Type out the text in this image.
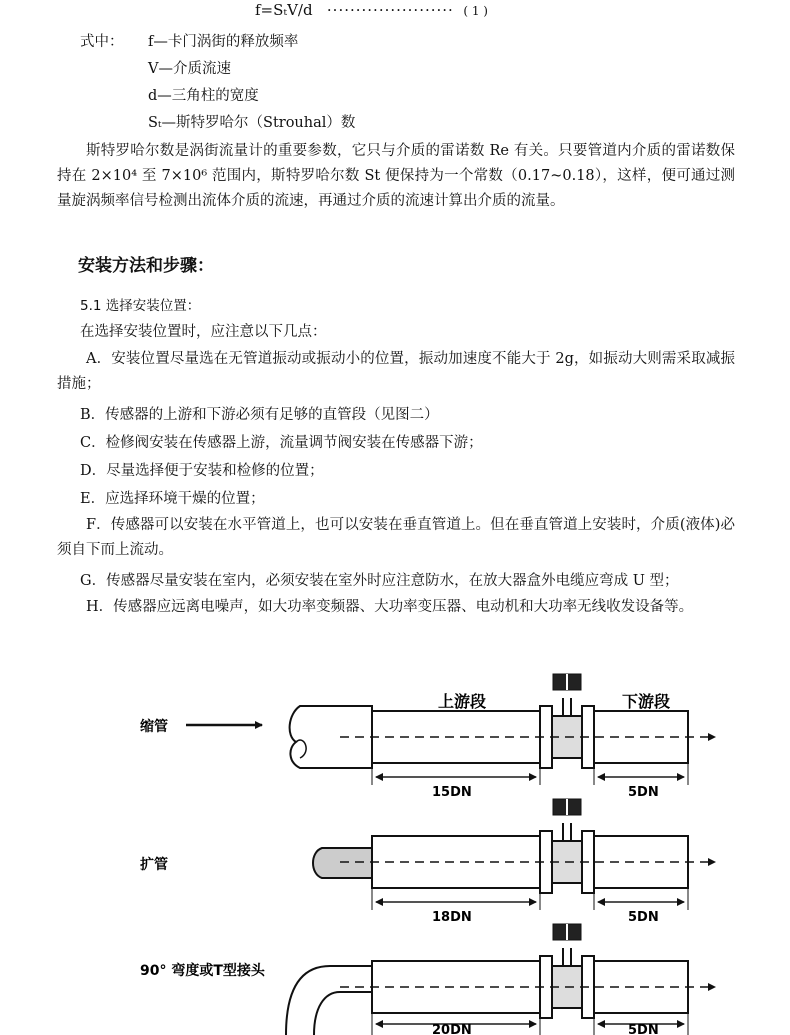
f=SₜV/d ······················ ( 1 )
式中： f—卡门涡街的释放频率
V—介质流速
d—三角柱的宽度
Sₜ—斯特罗哈尔（Strouhal）数
斯特罗哈尔数是涡街流量计的重要参数，它只与介质的雷诺数 Re 有关。只要管道内介质的雷诺数保持在 2×10⁴ 至 7×10⁶ 范围内，斯特罗哈尔数 St 便保持为一个常数（0.17~0.18），这样，便可通过测量旋涡频率信号检测出流体介质的流速，再通过介质的流速计算出介质的流量。
安装方法和步骤：
5.1 选择安装位置：
在选择安装位置时，应注意以下几点：
A．安装位置尽量选在无管道振动或振动小的位置，振动加速度不能大于 2g，如振动大则需采取减振措施；
B．传感器的上游和下游必须有足够的直管段（见图二）
C．检修阀安装在传感器上游，流量调节阀安装在传感器下游；
D．尽量选择便于安装和检修的位置；
E．应选择环境干燥的位置；
F．传感器可以安装在水平管道上，也可以安装在垂直管道上。但在垂直管道上安装时，介质(液体)必须自下而上流动。
G．传感器尽量安装在室内，必须安装在室外时应注意防水，在放大器盒外电缆应弯成 U 型；
H．传感器应远离电噪声，如大功率变频器、大功率变压器、电动机和大功率无线收发设备等。
上游段	下游段
缩管
15DN	5DN
扩管
18DN	5DN
90° 弯度或T型接头
20DN	5DN
